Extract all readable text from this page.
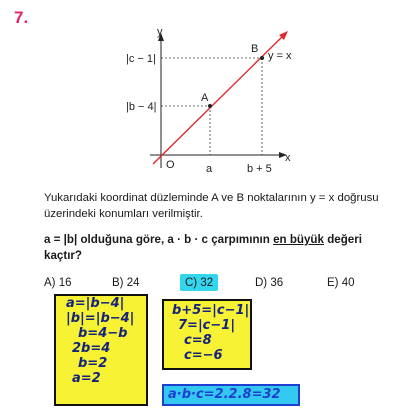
7.
y
x
O
y = x
A
B
|b − 4|
|c − 1|
a	b + 5
Yukarıdaki koordinat düzleminde A ve B noktalarının y = x doğrusu üzerindeki konumları verilmiştir.
a = |b| olduğuna göre, a · b · c çarpımının en büyük değeri kaçtır?
A) 16	B) 24	C) 32	D) 36	E) 40
a=|b−4|
|b|=|b−4|
b=4−b
2b=4
b=2
a=2
b+5=|c−1|
7=|c−1|
c=8
c=−6
a·b·c=2.2.8=32
